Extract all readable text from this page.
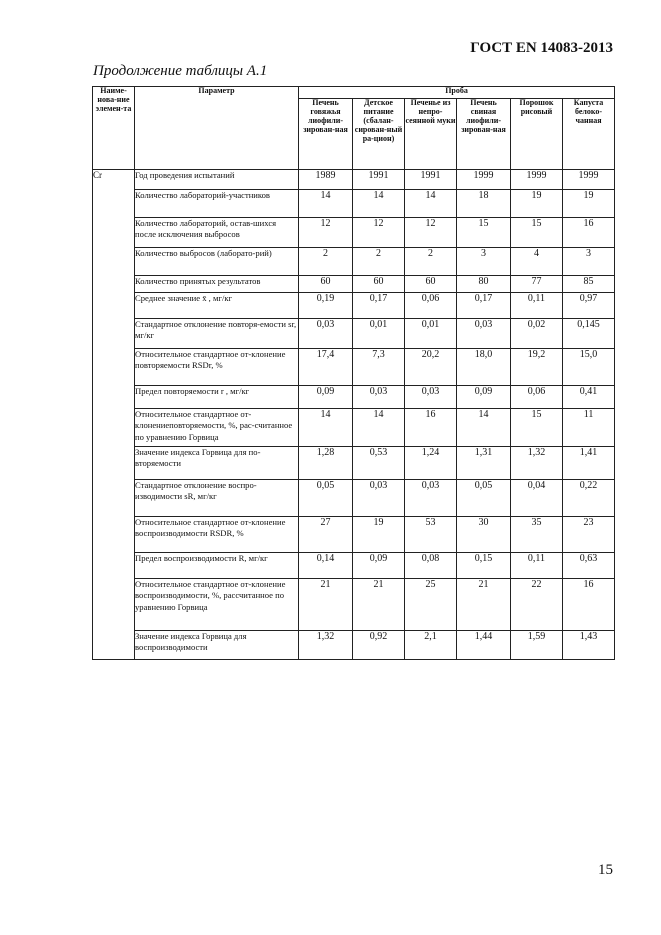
ГОСТ EN 14083-2013
Продолжение таблицы А.1
Наиме-нова-ние элемен-та	Параметр	Проба					
		Печень говяжья лиофили-зирован-ная	Детское питание (сбалан-сирован-ный ра-цион)	Печенье из непро-сеянной муки	Печень свиная лиофили-зирован-ная	Порошок рисовый	Капуста белоко-чанная
Cr	Год проведения испытаний	1989	1991	1991	1999	1999	1999
	Количество лабораторий-участников	14	14	14	18	19	19
	Количество лабораторий, остав-шихся после исключения выбросов	12	12	12	15	15	16
	Количество выбросов (лаборато-рий)	2	2	2	3	4	3
	Количество принятых результатов	60	60	60	80	77	85
	Среднее значение x̄ , мг/кг	0,19	0,17	0,06	0,17	0,11	0,97
	Стандартное отклонение повторя-емости sr, мг/кг	0,03	0,01	0,01	0,03	0,02	0,145
	Относительное стандартное от-клонение повторяемости RSDr, %	17,4	7,3	20,2	18,0	19,2	15,0
	Предел повторяемости r , мг/кг	0,09	0,03	0,03	0,09	0,06	0,41
	Относительное стандартное от-клонениеповторяемости, %, рас-считанное по уравнению Горвица	14	14	16	14	15	11
	Значение индекса Горвица для по-вторяемости	1,28	0,53	1,24	1,31	1,32	1,41
	Стандартное отклонение воспро-изводимости sR, мг/кг	0,05	0,03	0,03	0,05	0,04	0,22
	Относительное стандартное от-клонение воспроизводимости RSDR, %	27	19	53	30	35	23
	Предел воспроизводимости R, мг/кг	0,14	0,09	0,08	0,15	0,11	0,63
	Относительное стандартное от-клонение воспроизводимости, %, рассчитанное по уравнению Горвица	21	21	25	21	22	16
	Значение индекса Горвица для воспроизводимости	1,32	0,92	2,1	1,44	1,59	1,43
15
